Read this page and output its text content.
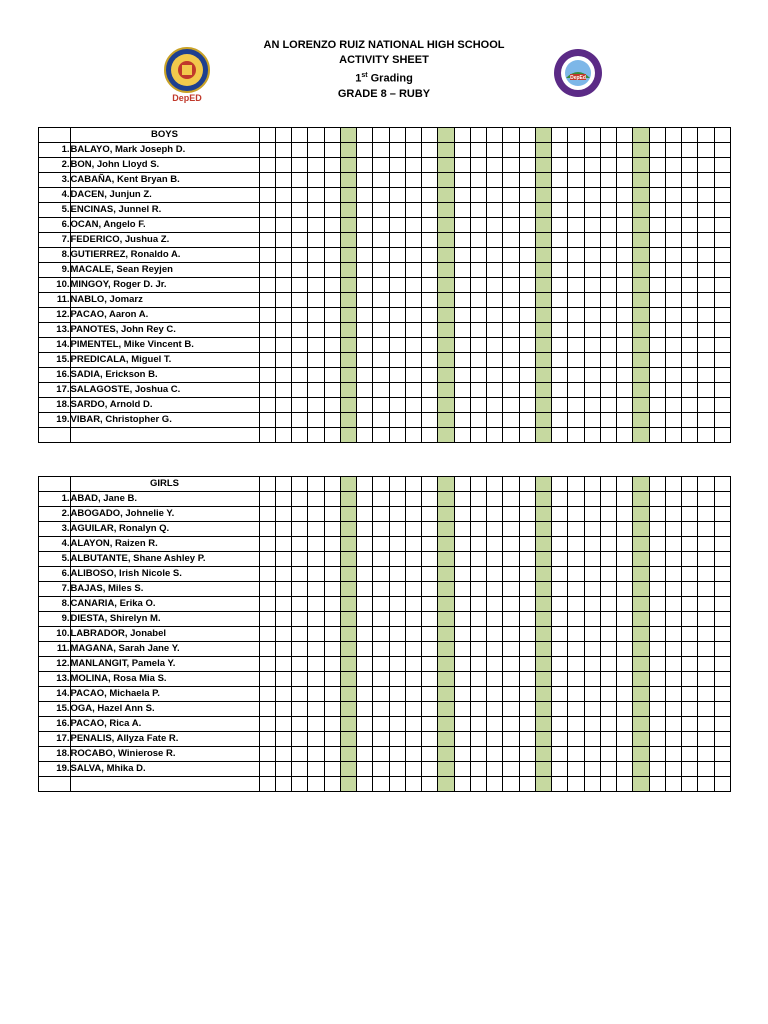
DepED
AN LORENZO RUIZ NATIONAL HIGH SCHOOL
ACTIVITY SHEET
1st Grading
GRADE 8 – RUBY
DepEd
	BOYS																													
1.	BALAYO, Mark Joseph D.																													
2.	BON, John Lloyd S.																													
3.	CABAÑA, Kent Bryan B.																													
4.	DACEN, Junjun Z.																													
5.	ENCINAS, Junnel R.																													
6.	OCAN, Angelo F.																													
7.	FEDERICO, Jushua Z.																													
8.	GUTIERREZ, Ronaldo A.																													
9.	MACALE, Sean Reyjen																													
10.	MINGOY, Roger D. Jr.																													
11.	NABLO, Jomarz																													
12.	PACAO, Aaron A.																													
13.	PANOTES, John Rey C.																													
14.	PIMENTEL, Mike Vincent B.																													
15.	PREDICALA, Miguel T.																													
16.	SADIA, Erickson B.																													
17.	SALAGOSTE, Joshua C.																													
18.	SARDO, Arnold D.																													
19.	VIBAR, Christopher G.																													

	GIRLS																													
1.	ABAD, Jane B.																													
2.	ABOGADO, Johnelie Y.																													
3.	AGUILAR, Ronalyn Q.																													
4.	ALAYON, Raizen R.																													
5.	ALBUTANTE, Shane Ashley P.																													
6.	ALIBOSO, Irish Nicole S.																													
7.	BAJAS, Miles S.																													
8.	CANARIA, Erika O.																													
9.	DIESTA, Shirelyn M.																													
10.	LABRADOR, Jonabel																													
11.	MAGANA, Sarah Jane Y.																													
12.	MANLANGIT, Pamela Y.																													
13.	MOLINA, Rosa Mia S.																													
14.	PACAO, Michaela P.																													
15.	OGA, Hazel Ann S.																													
16.	PACAO, Rica A.																													
17.	PENALIS, Allyza Fate R.																													
18.	ROCABO, Winierose R.																													
19.	SALVA, Mhika D.																													
